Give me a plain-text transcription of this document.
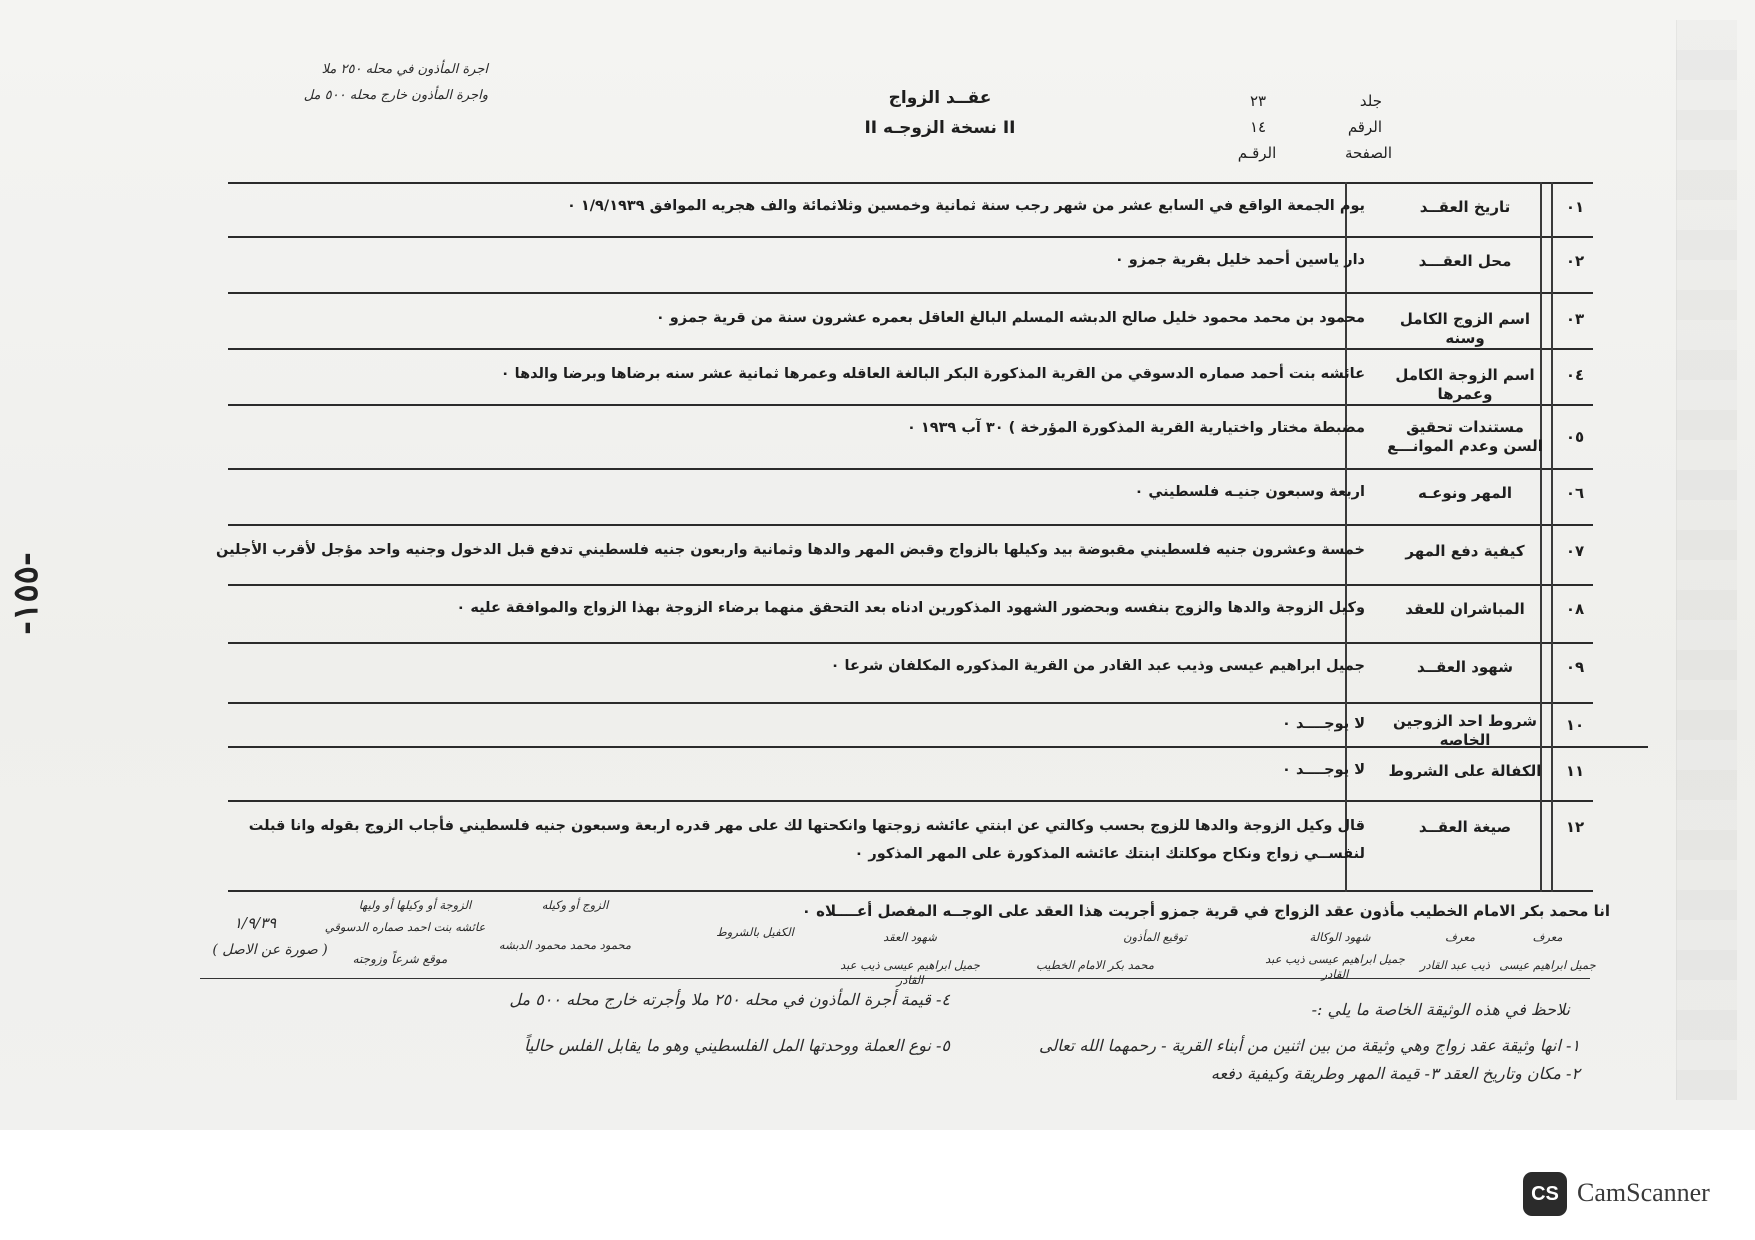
-١٥٥-
اجرة المأذون في محله ٢٥٠ ملا
واجرة المأذون خارج محله ٥٠٠ مل	عقــد الزواج
II نسخة الزوجـه II
جلد
٢٣
الرقم
١٤
الصفحة
الرقـم
٠١
تاريخ العقــد
يوم الجمعة الواقع في السابع عشر من شهر رجب سنة ثمانية وخمسين وثلاثمائة والف هجريه الموافق ١/٩/١٩٣٩ ٠
٠٢
محل العقـــد
دار ياسين أحمد خليل بقرية جمزو ٠
٠٣
اسم الزوج الكامل وسنه
محمود بن محمد محمود خليل صالح الدبشه المسلم البالغ العاقل بعمره عشرون سنة من قرية جمزو ٠
٠٤
اسم الزوجة الكامل وعمرها
عائشه بنت أحمد صماره الدسوقي من القرية المذكورة البكر البالغة العاقله وعمرها ثمانية عشر سنه برضاها وبرضا والدها ٠
٠٥
مستندات تحقيق السن وعدم الموانـــع
مضبطة مختار واختيارية القرية المذكورة المؤرخة ) ٣٠ آب ١٩٣٩ ٠
٠٦
المهر ونوعـه
اربعة وسبعون جنيـه فلسطيني ٠
٠٧
كيفية دفع المهر
خمسة وعشرون جنيه فلسطيني مقبوضة بيد وكيلها بالزواج وقبض المهر والدها وثمانية واربعون جنيه فلسطيني تدفع قبل الدخول وجنيه واحد مؤجل لأقرب الأجلين
٠٨
المباشران للعقد
وكيل الزوجة والدها والزوج بنفسه وبحضور الشهود المذكورين ادناه بعد التحقق منهما برضاء الزوجة بهذا الزواج والموافقة عليه ٠
٠٩
شهود العقــد
جميل ابراهيم عيسى وذيب عبد القادر من القرية المذكوره المكلفان شرعا ٠
١٠
شروط احد الزوجين الخاصه
لا يوجــــد ٠
١١
الكفالة على الشروط
لا يوجــــد ٠
١٢
صيغة العقــد
قال وكيل الزوجة والدها للزوج بحسب وكالتي عن ابنتي عائشه زوجتها وانكحتها لك على مهر قدره اربعة وسبعون جنيه فلسطيني فأجاب الزوج بقوله وانا قبلت لنفســي زواج ونكاح موكلتك ابنتك عائشه المذكورة على المهر المذكور ٠
انا محمد بكر الامام الخطيب مأذون عقد الزواج في قرية جمزو أجريت هذا العقد على الوجــه المفصل أعــــلاه ٠
معرف
معرف
شهود الوكالة
توقيع المأذون
شهود العقد
الكفيل بالشروط
الزوج أو وكيله
الزوجة أو وكيلها أو وليها
جميل ابراهيم عيسى
ذيب عبد القادر
جميل ابراهيم عيسى ذيب عبد القادر
محمد بكر الامام الخطيب
جميل ابراهيم عيسى ذيب عبد القادر
محمود محمد محمود الدبشه
عائشه بنت احمد صماره الدسوقي
موقع شرعاً وزوجته
١/٩/٣٩
( صورة عن الاصل )
نلاحظ في هذه الوثيقة الخاصة ما يلي :-
٤- قيمة أجرة المأذون في محله ٢٥٠ ملا وأجرته خارج محله ٥٠٠ مل
١- انها وثيقة عقد زواج وهي وثيقة من بين اثنين من أبناء القرية - رحمهما الله تعالى
٥- نوع العملة ووحدتها المل الفلسطيني وهو ما يقابل الفلس حالياً
٢- مكان وتاريخ العقد ٣- قيمة المهر وطريقة وكيفية دفعه
CS CamScanner
